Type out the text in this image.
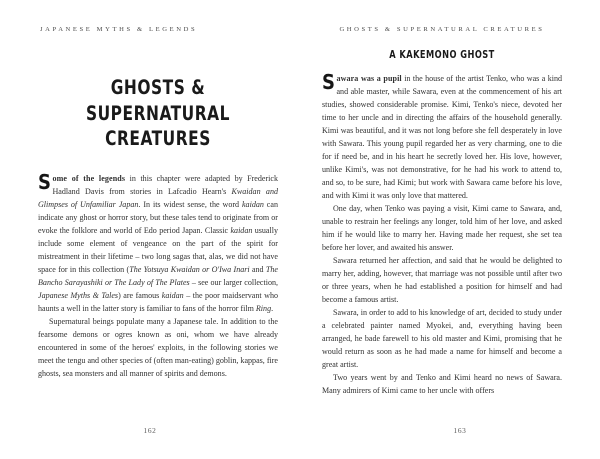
JAPANESE MYTHS & LEGENDS
GHOSTS & SUPERNATURAL
CREATURES

Some of the legends in this chapter were adapted by Frederick Hadland Davis from stories in Lafcadio Hearn's Kwaidan and Glimpses of Unfamiliar Japan. In its widest sense, the word kaidan can indicate any ghost or horror story, but these tales tend to originate from or evoke the folklore and world of Edo period Japan. Classic kaidan usually include some element of vengeance on the part of the spirit for mistreatment in their lifetime – two long sagas that, alas, we did not have space for in this collection (The Yotsuya Kwaidan or O'Iwa Inari and The Bancho Sarayashiki or The Lady of The Plates – see our larger collection, Japanese Myths & Tales) are famous kaidan – the poor maidservant who haunts a well in the latter story is familiar to fans of the horror film Ring.

Supernatural beings populate many a Japanese tale. In addition to the fearsome demons or ogres known as oni, whom we have already encountered in some of the heroes' exploits, in the following stories we meet the tengu and other species of (often man-eating) goblin, kappas, fire ghosts, sea monsters and all manner of spirits and demons.

162
GHOSTS & SUPERNATURAL CREATURES
A KAKEMONO GHOST

Sawara was a pupil in the house of the artist Tenko, who was a kind and able master, while Sawara, even at the commencement of his art studies, showed considerable promise. Kimi, Tenko's niece, devoted her time to her uncle and in directing the affairs of the household generally. Kimi was beautiful, and it was not long before she fell desperately in love with Sawara. This young pupil regarded her as very charming, one to die for if need be, and in his heart he secretly loved her. His love, however, unlike Kimi's, was not demonstrative, for he had his work to attend to, and so, to be sure, had Kimi; but work with Sawara came before his love, and with Kimi it was only love that mattered.

One day, when Tenko was paying a visit, Kimi came to Sawara, and, unable to restrain her feelings any longer, told him of her love, and asked him if he would like to marry her. Having made her request, she set tea before her lover, and awaited his answer.

Sawara returned her affection, and said that he would be delighted to marry her, adding, however, that marriage was not possible until after two or three years, when he had established a position for himself and had become a famous artist.

Sawara, in order to add to his knowledge of art, decided to study under a celebrated painter named Myokei, and, everything having been arranged, he bade farewell to his old master and Kimi, promising that he would return as soon as he had made a name for himself and become a great artist.

Two years went by and Tenko and Kimi heard no news of Sawara. Many admirers of Kimi came to her uncle with offers

163
